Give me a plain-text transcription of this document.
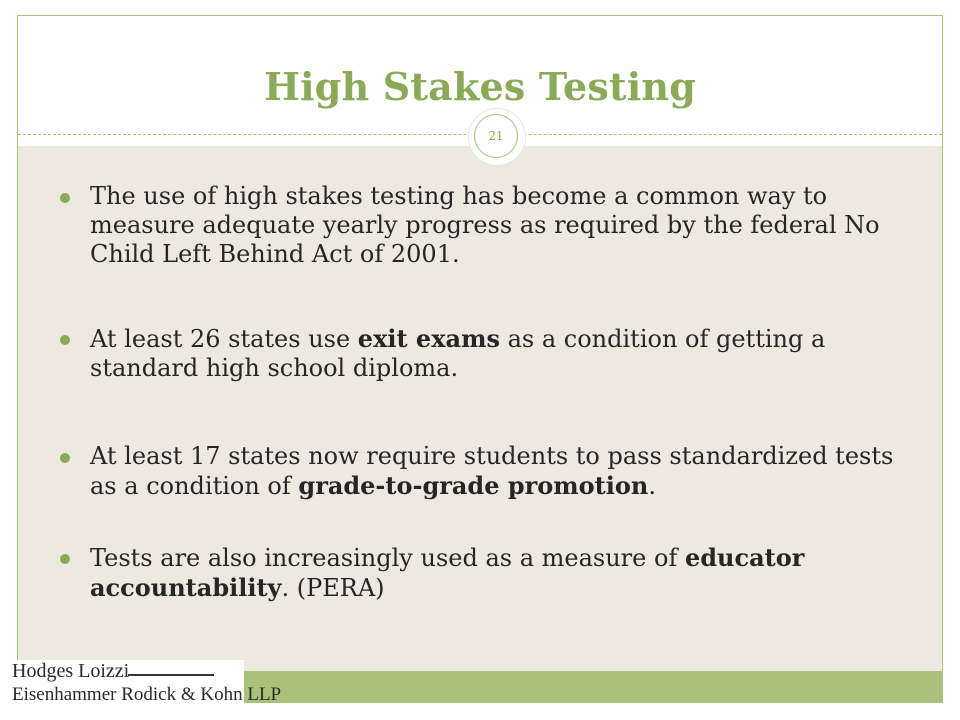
High Stakes Testing
21
The use of high stakes testing has become a common way to measure adequate yearly progress as required by the federal No Child Left Behind Act of 2001.
At least 26 states use exit exams as a condition of getting a standard high school diploma.
At least 17 states now require students to pass standardized tests as a condition of grade-to-grade promotion.
Tests are also increasingly used as a measure of educator accountability. (PERA)
Hodges Loizzi
Eisenhammer Rodick & Kohn LLP
